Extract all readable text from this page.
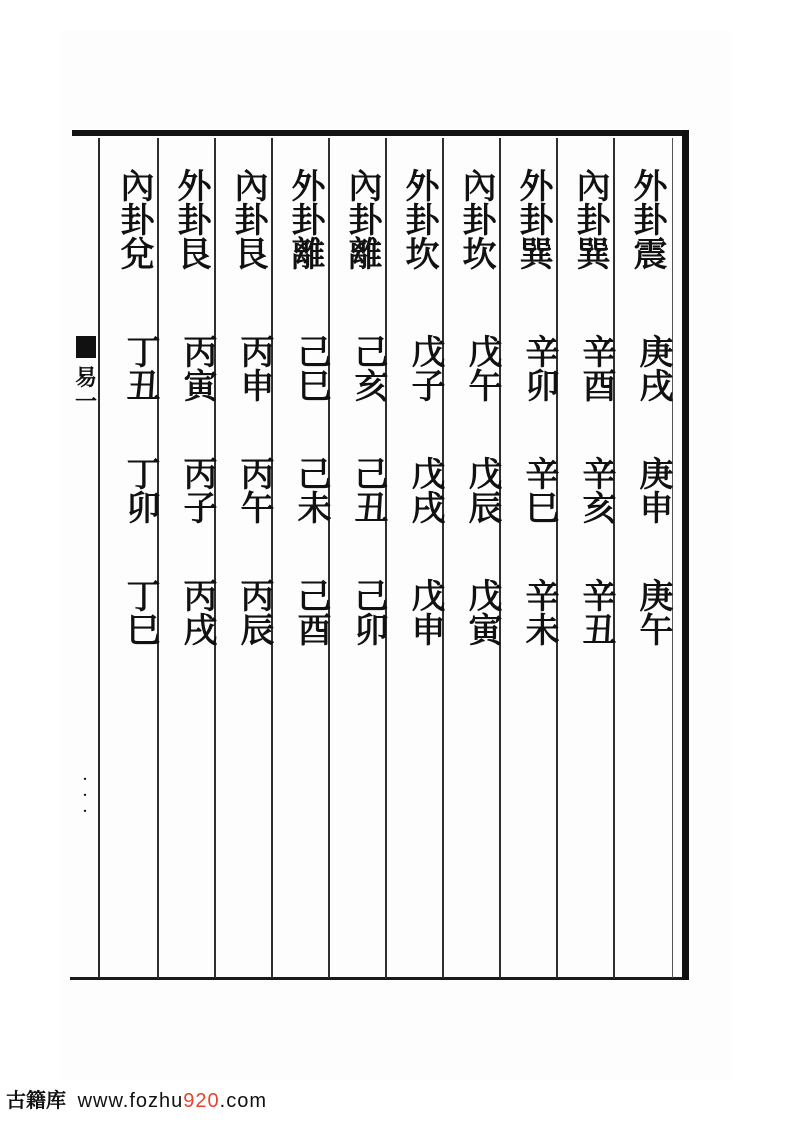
外卦震
庚戌
庚申
庚午
內卦巽
辛酉
辛亥
辛丑
外卦巽
辛卯
辛巳
辛未
內卦坎
戊午
戊辰
戊寅
外卦坎
戊子
戊戌
戊申
內卦離
己亥
己丑
己卯
外卦離
己巳
己未
己酉
內卦艮
丙申
丙午
丙辰
外卦艮
丙寅
丙子
丙戌
內卦兌
丁丑
丁卯
丁巳
易
一
· · ·
古籍库 www.fozhu920.com
